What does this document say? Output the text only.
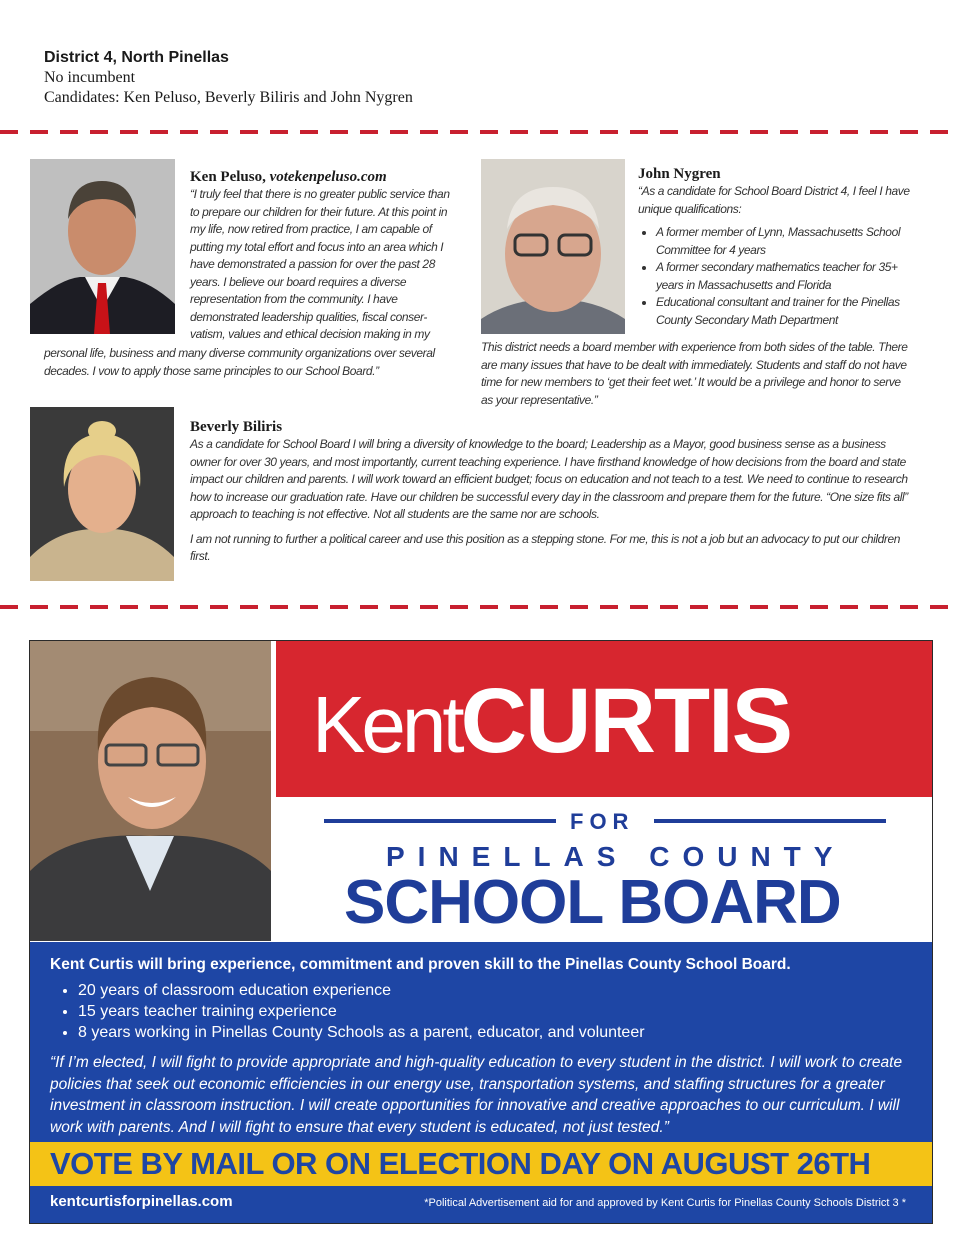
District 4, North Pinellas
No incumbent
Candidates: Ken Peluso, Beverly Biliris and John Nygren
Ken Peluso, votekenpeluso.com
“I truly feel that there is no greater public service than to prepare our children for their future. At this point in my life, now retired from practice, I am capable of putting my total effort and focus into an area which I have demonstrated a passion for over the past 28 years. I believe our board requires a diverse representation from the community. I have demonstrated leadership qualities, fiscal conser- vatism, values and ethical decision making in my
personal life, business and many diverse community organizations over several decades. I vow to apply those same principles to our School Board.”
John Nygren
“As a candidate for School Board District 4, I feel I have unique qualifications:
• A former member of Lynn, Massachusetts School Committee for 4 years
• A former secondary mathematics teacher for 35+ years in Massachusetts and Florida
• Educational consultant and trainer for the Pinellas County Secondary Math Department
This district needs a board member with experience from both sides of the table. There are many issues that have to be dealt with immediately. Students and staff do not have time for new members to ‘get their feet wet.’ It would be a privilege and honor to serve as your representative.”
Beverly Biliris

As a candidate for School Board I will bring a diversity of knowledge to the board; Leadership as a Mayor, good business sense as a business owner for over 30 years, and most importantly, current teaching experience. I have firsthand knowledge of how decisions from the board and state impact our children and parents. I will work toward an efficient budget; focus on education and not teach to a test. We need to continue to research how to increase our graduation rate. Have our children be successful every day in the classroom and prepare them for the future. “One size fits all” approach to teaching is not effective. Not all students are the same nor are schools.

I am not running to further a political career and use this position as a stepping stone. For me, this is not a job but an advocacy to put our children first.

KentCURTIS
FOR
PINELLAS COUNTY
SCHOOL BOARD
Kent Curtis will bring experience, commitment and proven skill to the Pinellas County School Board.
• 20 years of classroom education experience
• 15 years teacher training experience
• 8 years working in Pinellas County Schools as a parent, educator, and volunteer
“If I’m elected, I will fight to provide appropriate and high-quality education to every student in the district. I will work to create policies that seek out economic efficiencies in our energy use, transportation systems, and staffing structures for a greater investment in classroom instruction. I will create opportunities for innovative and creative approaches to our curriculum. I will work with parents. And I will fight to ensure that every student is educated, not just tested.”
VOTE BY MAIL OR ON ELECTION DAY ON AUGUST 26TH
kentcurtisforpinellas.com	*Political Advertisement aid for and approved by Kent Curtis for Pinellas County Schools District 3 *
